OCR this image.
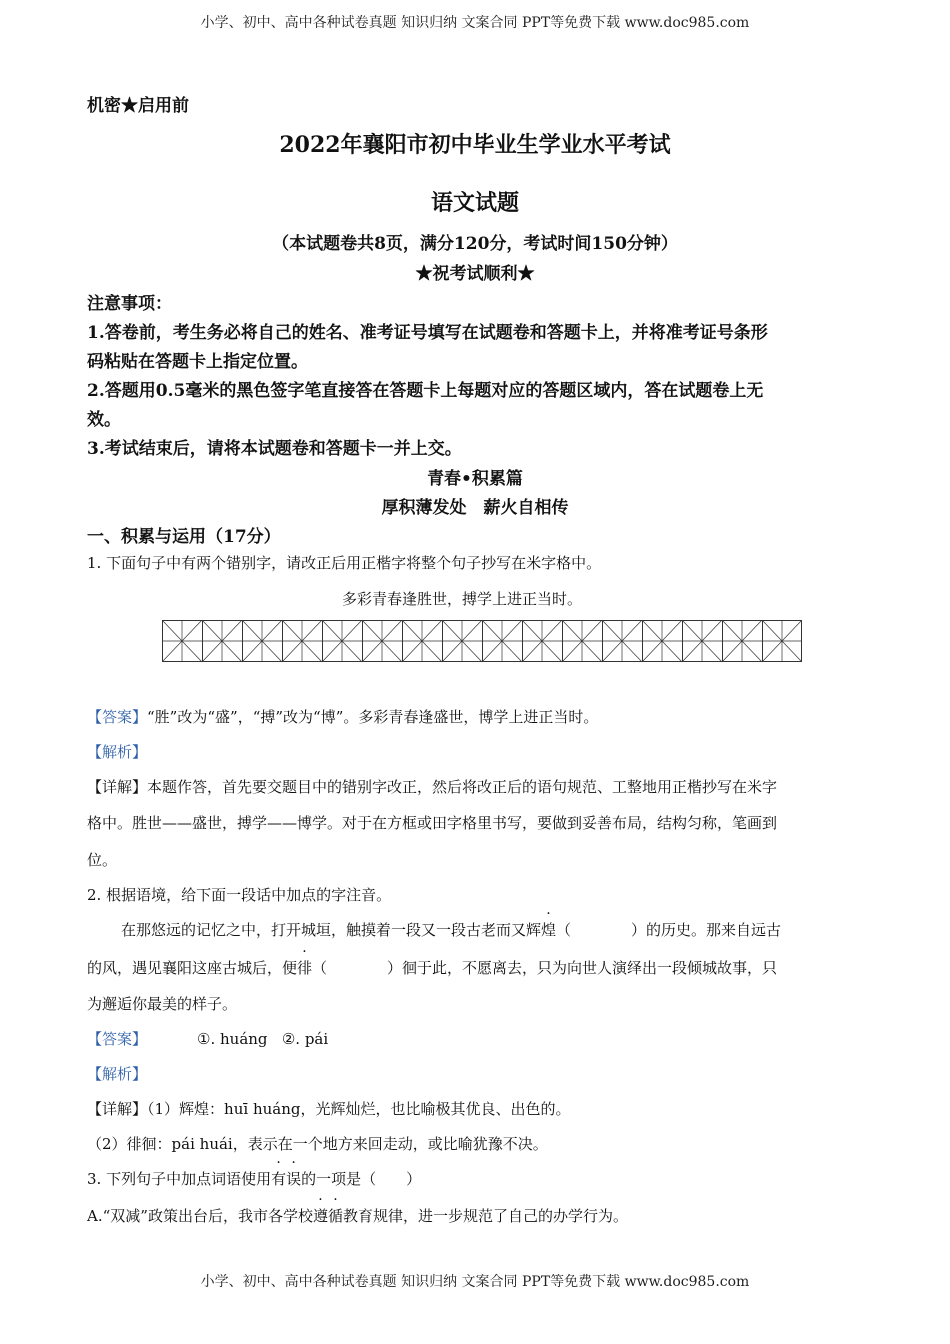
小学、初中、高中各种试卷真题 知识归纳 文案合同 PPT等免费下载 www.doc985.com
机密★启用前
2022年襄阳市初中毕业生学业水平考试
语文试题
（本试题卷共8页，满分120分，考试时间150分钟）
★祝考试顺利★
注意事项：
1.答卷前，考生务必将自己的姓名、准考证号填写在试题卷和答题卡上，并将准考证号条形
码粘贴在答题卡上指定位置。
2.答题用0.5毫米的黑色签字笔直接答在答题卡上每题对应的答题区域内，答在试题卷上无
效。
3.考试结束后，请将本试题卷和答题卡一并上交。
青春•积累篇
厚积薄发处　薪火自相传
一、积累与运用（17分）
1. 下面句子中有两个错别字，请改正后用正楷字将整个句子抄写在米字格中。
多彩青春逢胜世，搏学上进正当时。
【答案】“胜”改为“盛”，“搏”改为“博”。多彩青春逢盛世，博学上进正当时。
【解析】
【详解】本题作答，首先要交题目中的错别字改正，然后将改正后的语句规范、工整地用正楷抄写在米字
格中。胜世——盛世，搏学——博学。对于在方框或田字格里书写，要做到妥善布局，结构匀称，笔画到
位。
2. 根据语境，给下面一段话中加点的字注音。
在那悠远的记忆之中，打开城垣，触摸着一段又一段古老而又辉煌（　　　　）的历史。那来自远古
的风，遇见襄阳这座古城后，便徘（　　　　）徊于此，不愿离去，只为向世人演绎出一段倾城故事，只
为邂逅你最美的样子。
【答案】	①. huáng ②. pái
【解析】
【详解】（1）辉煌：huī huáng，光辉灿烂，也比喻极其优良、出色的。
（2）徘徊：pái huái，表示在一个地方来回走动，或比喻犹豫不决。
3. 下列句子中加点词语使用有误的一项是（　　）
A.“双减”政策出台后，我市各学校遵循教育规律，进一步规范了自己的办学行为。
小学、初中、高中各种试卷真题 知识归纳 文案合同 PPT等免费下载 www.doc985.com
